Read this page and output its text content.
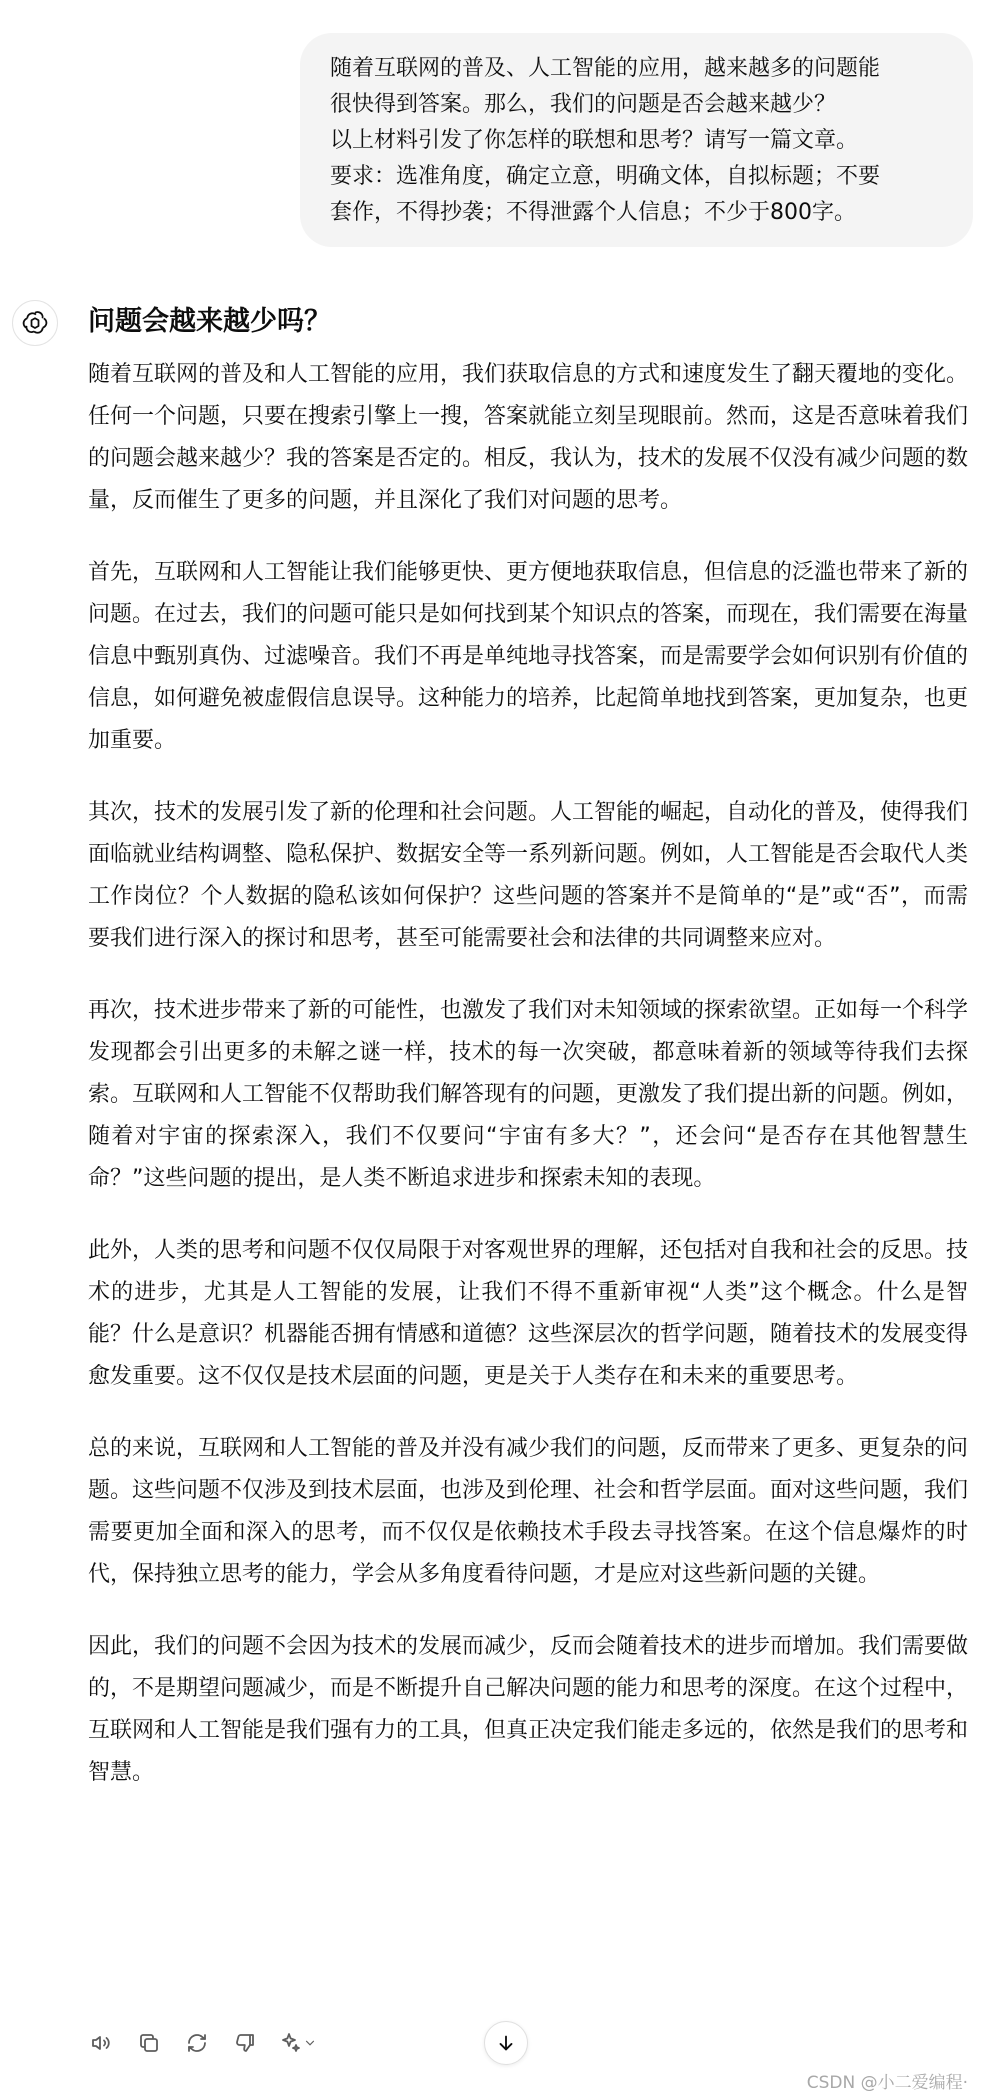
随着互联网的普及、人工智能的应用，越来越多的问题能
很快得到答案。那么，我们的问题是否会越来越少？
以上材料引发了你怎样的联想和思考？请写一篇文章。
要求：选准角度，确定立意，明确文体，自拟标题；不要
套作，不得抄袭；不得泄露个人信息；不少于800字。
问题会越来越少吗？

随着互联网的普及和人工智能的应用，我们获取信息的方式和速度发生了翻天覆地的变化。任何一个问题，只要在搜索引擎上一搜，答案就能立刻呈现眼前。然而，这是否意味着我们的问题会越来越少？我的答案是否定的。相反，我认为，技术的发展不仅没有减少问题的数量，反而催生了更多的问题，并且深化了我们对问题的思考。

首先，互联网和人工智能让我们能够更快、更方便地获取信息，但信息的泛滥也带来了新的问题。在过去，我们的问题可能只是如何找到某个知识点的答案，而现在，我们需要在海量信息中甄别真伪、过滤噪音。我们不再是单纯地寻找答案，而是需要学会如何识别有价值的信息，如何避免被虚假信息误导。这种能力的培养，比起简单地找到答案，更加复杂，也更加重要。

其次，技术的发展引发了新的伦理和社会问题。人工智能的崛起，自动化的普及，使得我们面临就业结构调整、隐私保护、数据安全等一系列新问题。例如，人工智能是否会取代人类工作岗位？个人数据的隐私该如何保护？这些问题的答案并不是简单的“是”或“否”，而需要我们进行深入的探讨和思考，甚至可能需要社会和法律的共同调整来应对。

再次，技术进步带来了新的可能性，也激发了我们对未知领域的探索欲望。正如每一个科学发现都会引出更多的未解之谜一样，技术的每一次突破，都意味着新的领域等待我们去探索。互联网和人工智能不仅帮助我们解答现有的问题，更激发了我们提出新的问题。例如，随着对宇宙的探索深入，我们不仅要问“宇宙有多大？”，还会问“是否存在其他智慧生命？”这些问题的提出，是人类不断追求进步和探索未知的表现。

此外，人类的思考和问题不仅仅局限于对客观世界的理解，还包括对自我和社会的反思。技术的进步，尤其是人工智能的发展，让我们不得不重新审视“人类”这个概念。什么是智能？什么是意识？机器能否拥有情感和道德？这些深层次的哲学问题，随着技术的发展变得愈发重要。这不仅仅是技术层面的问题，更是关于人类存在和未来的重要思考。

总的来说，互联网和人工智能的普及并没有减少我们的问题，反而带来了更多、更复杂的问题。这些问题不仅涉及到技术层面，也涉及到伦理、社会和哲学层面。面对这些问题，我们需要更加全面和深入的思考，而不仅仅是依赖技术手段去寻找答案。在这个信息爆炸的时代，保持独立思考的能力，学会从多角度看待问题，才是应对这些新问题的关键。

因此，我们的问题不会因为技术的发展而减少，反而会随着技术的进步而增加。我们需要做的，不是期望问题减少，而是不断提升自己解决问题的能力和思考的深度。在这个过程中，互联网和人工智能是我们强有力的工具，但真正决定我们能走多远的，依然是我们的思考和智慧。

CSDN @小二爱编程·
